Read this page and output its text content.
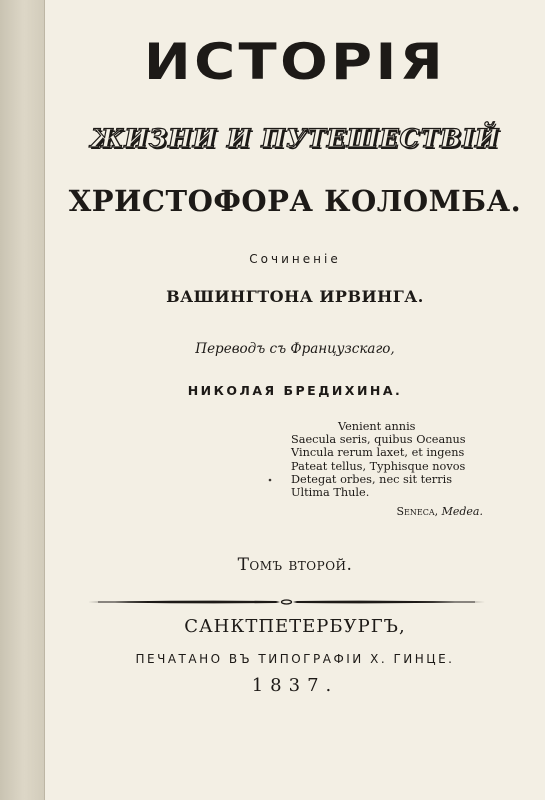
ИСТОРІЯ
ЖИЗНИ И ПУТЕШЕСТВІЙ
ХРИСТОФОРА КОЛОМБА.
Сочиненіе
ВАШИНГТОНА ИРВИНГА.
Переводъ съ Французскаго,
НИКОЛАЯ БРЕДИХИНА.
Venient annis
Saecula seris, quibus Oceanus
Vincula rerum laxet, et ingens
Pateat tellus, Typhisque novos
Detegat orbes, nec sit terris
Ultima Thule.
Seneca, Medea.
Томъ второй.
САНКТПЕТЕРБУРГЪ,
ПЕЧАТАНО ВЪ ТИПОГРАФІИ Х. ГИНЦЕ.
1837.
